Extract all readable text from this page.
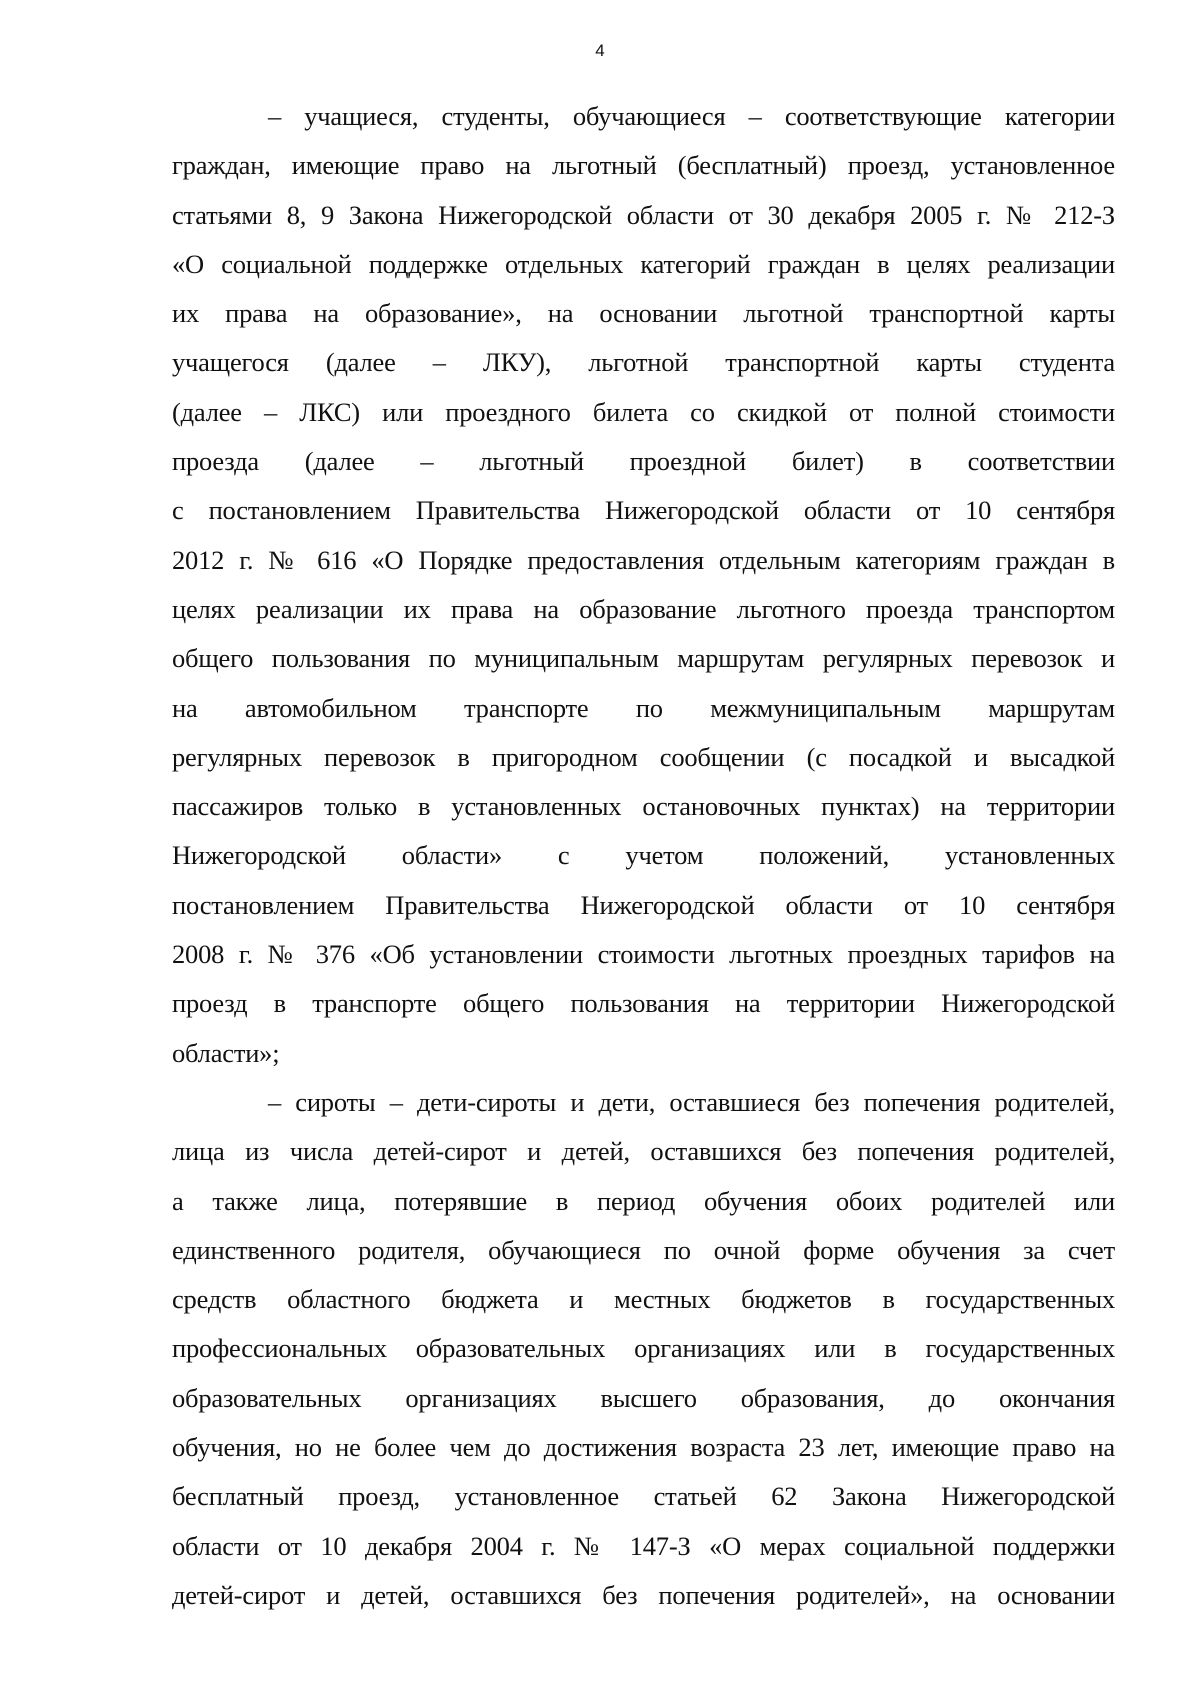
4
– учащиеся, студенты, обучающиеся – соответствующие категории
граждан, имеющие право на льготный (бесплатный) проезд, установленное
статьями 8, 9 Закона Нижегородской области от 30 декабря 2005 г. № 212-З
«О социальной поддержке отдельных категорий граждан в целях реализации
их права на образование», на основании льготной транспортной карты
учащегося (далее – ЛКУ), льготной транспортной карты студента
(далее – ЛКС) или проездного билета со скидкой от полной стоимости
проезда (далее – льготный проездной билет) в соответствии
с постановлением Правительства Нижегородской области от 10 сентября
2012 г. № 616 «О Порядке предоставления отдельным категориям граждан в
целях реализации их права на образование льготного проезда транспортом
общего пользования по муниципальным маршрутам регулярных перевозок и
на автомобильном транспорте по межмуниципальным маршрутам
регулярных перевозок в пригородном сообщении (с посадкой и высадкой
пассажиров только в установленных остановочных пунктах) на территории
Нижегородской области» с учетом положений, установленных
постановлением Правительства Нижегородской области от 10 сентября
2008 г. № 376 «Об установлении стоимости льготных проездных тарифов на
проезд в транспорте общего пользования на территории Нижегородской
области»;
– сироты – дети-сироты и дети, оставшиеся без попечения родителей,
лица из числа детей-сирот и детей, оставшихся без попечения родителей,
а также лица, потерявшие в период обучения обоих родителей или
единственного родителя, обучающиеся по очной форме обучения за счет
средств областного бюджета и местных бюджетов в государственных
профессиональных образовательных организациях или в государственных
образовательных организациях высшего образования, до окончания
обучения, но не более чем до достижения возраста 23 лет, имеющие право на
бесплатный проезд, установленное статьей 62 Закона Нижегородской
области от 10 декабря 2004 г. № 147-З «О мерах социальной поддержки
детей-сирот и детей, оставшихся без попечения родителей», на основании
